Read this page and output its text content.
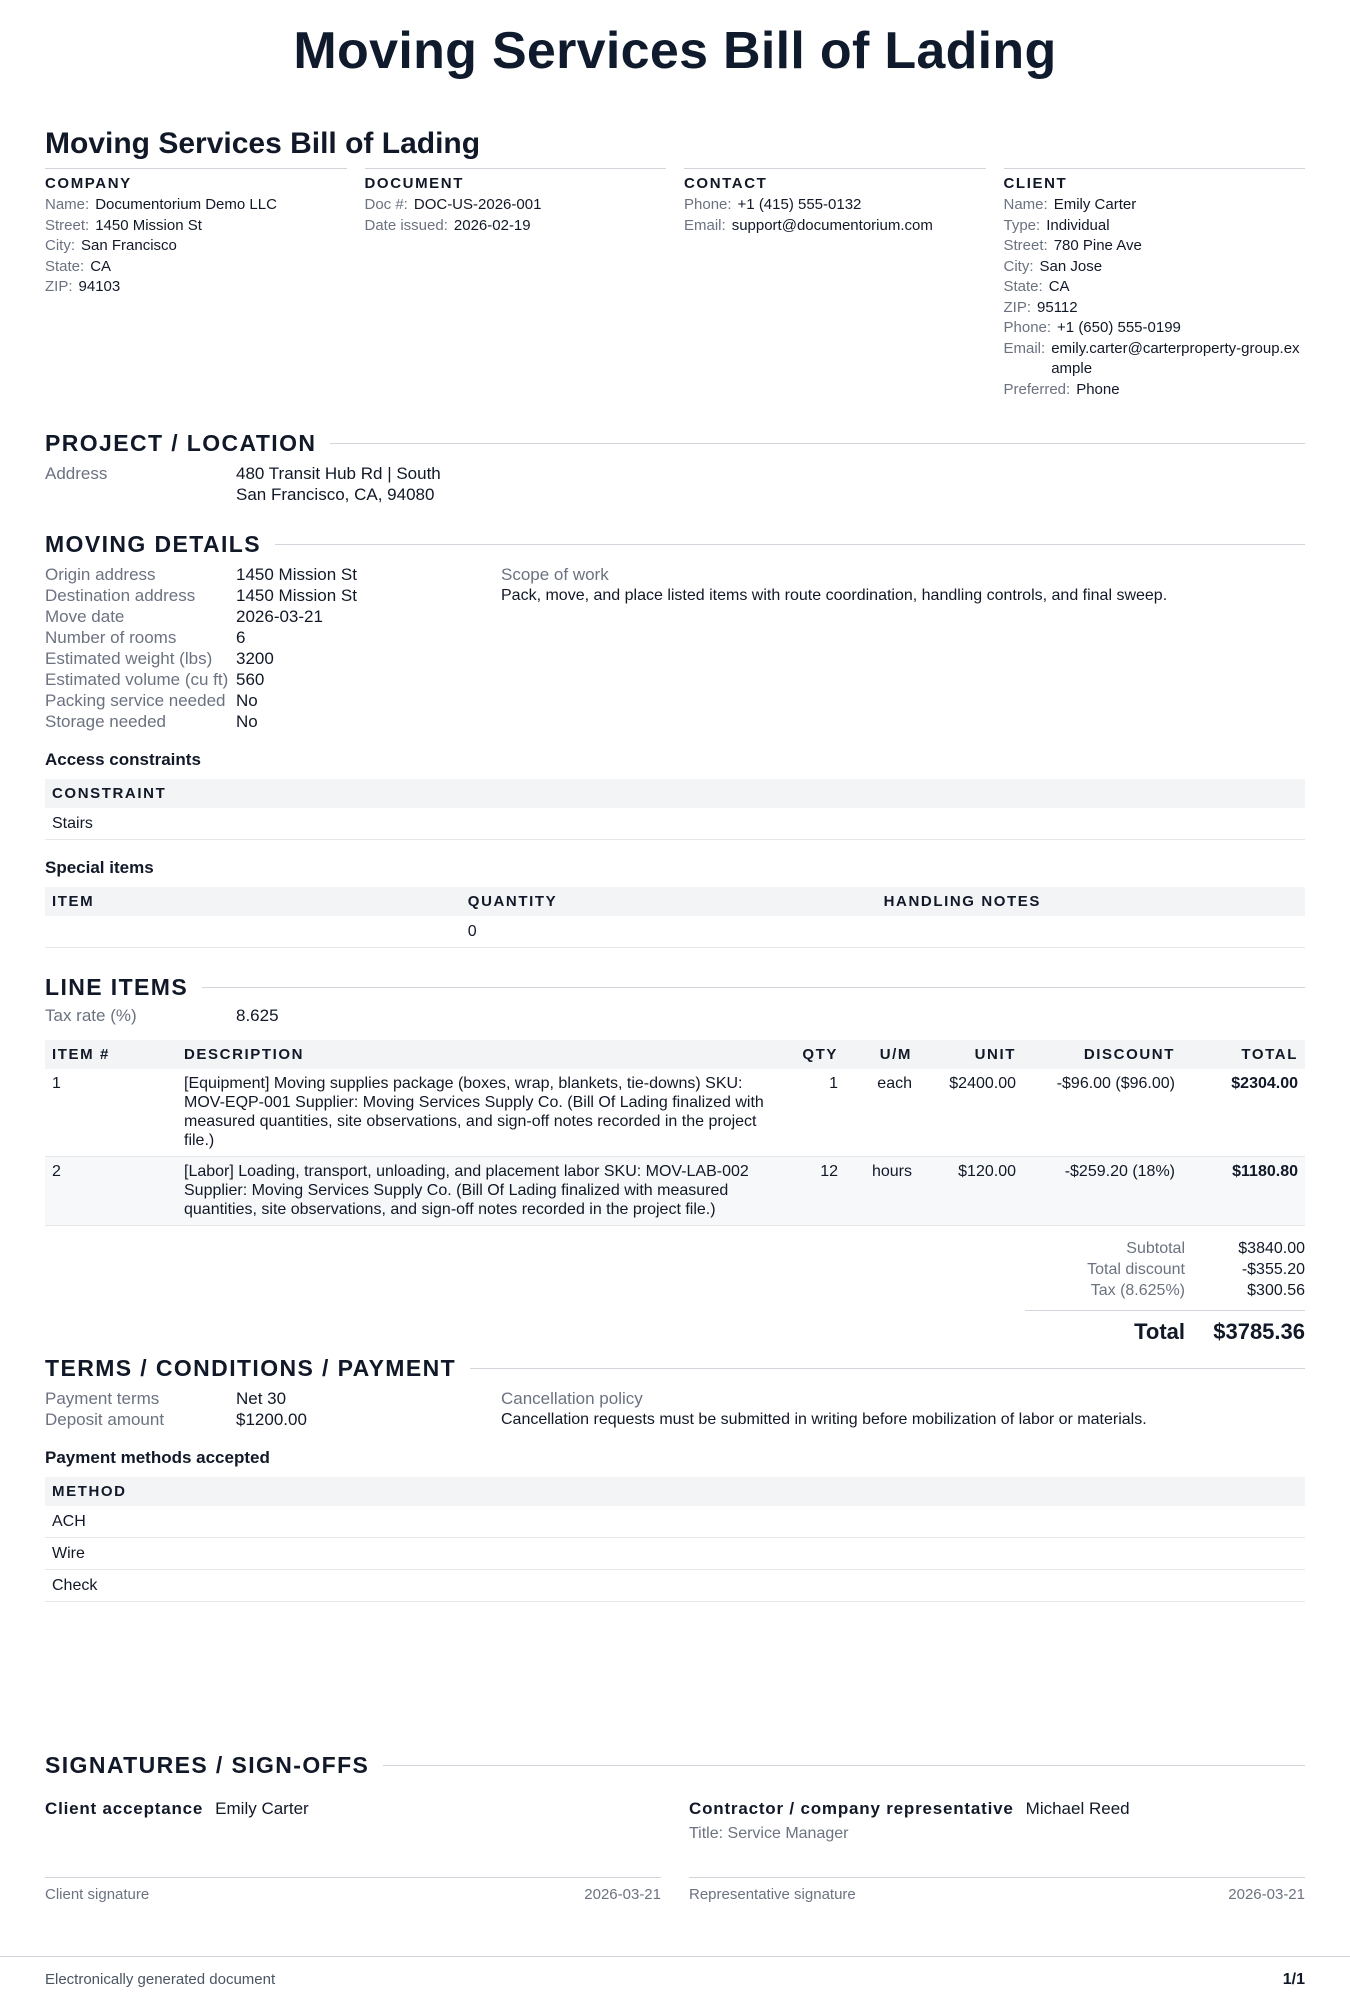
Moving Services Bill of Lading
Moving Services Bill of Lading
COMPANY
Name: Documentorium Demo LLC
Street: 1450 Mission St
City: San Francisco
State: CA
ZIP: 94103
DOCUMENT
Doc #: DOC-US-2026-001
Date issued: 2026-02-19
CONTACT
Phone: +1 (415) 555-0132
Email: support@documentorium.com
CLIENT
Name: Emily Carter
Type: Individual
Street: 780 Pine Ave
City: San Jose
State: CA
ZIP: 95112
Phone: +1 (650) 555-0199
Email: emily.carter@carterproperty-group.example
Preferred: Phone
PROJECT / LOCATION
Address	480 Transit Hub Rd | South
San Francisco, CA, 94080
MOVING DETAILS
Origin address	1450 Mission St
Destination address	1450 Mission St
Move date	2026-03-21
Number of rooms	6
Estimated weight (lbs)	3200
Estimated volume (cu ft) 560
Packing service needed No
Storage needed	No
Scope of work
Pack, move, and place listed items with route coordination, handling controls, and final sweep.
Access constraints
CONSTRAINT
Stairs
Special items
ITEM	QUANTITY	HANDLING NOTES
	0	
LINE ITEMS
Tax rate (%)	8.625
ITEM #	DESCRIPTION	QTY	U/M	UNIT	DISCOUNT	TOTAL
1	[Equipment] Moving supplies package (boxes, wrap, blankets, tie-downs) SKU: MOV-EQP-001 Supplier: Moving Services Supply Co. (Bill Of Lading finalized with measured quantities, site observations, and sign-off notes recorded in the project file.)	1	each	$2400.00	-$96.00 ($96.00)	$2304.00
2	[Labor] Loading, transport, unloading, and placement labor SKU: MOV-LAB-002 Supplier: Moving Services Supply Co. (Bill Of Lading finalized with measured quantities, site observations, and sign-off notes recorded in the project file.)	12	hours	$120.00	-$259.20 (18%)	$1180.80
Subtotal	$3840.00
Total discount	-$355.20
Tax (8.625%)	$300.56
Total $3785.36
TERMS / CONDITIONS / PAYMENT
Payment terms	Net 30
Deposit amount	$1200.00
Cancellation policy
Cancellation requests must be submitted in writing before mobilization of labor or materials.
Payment methods accepted
METHOD
ACH
Wire
Check
SIGNATURES / SIGN-OFFS
Client acceptance Emily Carter
Client signature	2026-03-21
Contractor / company representative Michael Reed
Title: Service Manager
Representative signature	2026-03-21
Electronically generated document	1/1
